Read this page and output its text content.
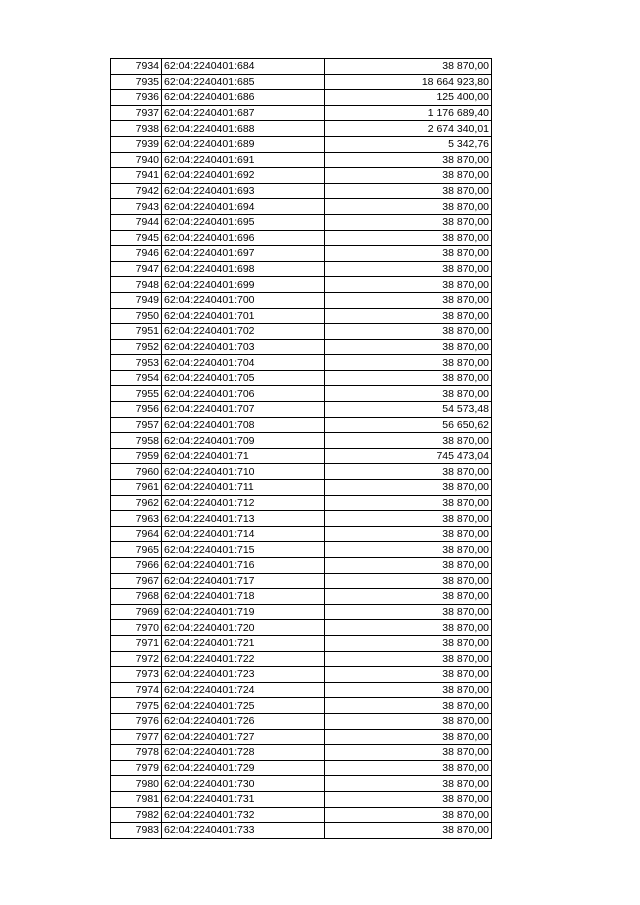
7934	62:04:2240401:684	38 870,00
7935	62:04:2240401:685	18 664 923,80
7936	62:04:2240401:686	125 400,00
7937	62:04:2240401:687	1 176 689,40
7938	62:04:2240401:688	2 674 340,01
7939	62:04:2240401:689	5 342,76
7940	62:04:2240401:691	38 870,00
7941	62:04:2240401:692	38 870,00
7942	62:04:2240401:693	38 870,00
7943	62:04:2240401:694	38 870,00
7944	62:04:2240401:695	38 870,00
7945	62:04:2240401:696	38 870,00
7946	62:04:2240401:697	38 870,00
7947	62:04:2240401:698	38 870,00
7948	62:04:2240401:699	38 870,00
7949	62:04:2240401:700	38 870,00
7950	62:04:2240401:701	38 870,00
7951	62:04:2240401:702	38 870,00
7952	62:04:2240401:703	38 870,00
7953	62:04:2240401:704	38 870,00
7954	62:04:2240401:705	38 870,00
7955	62:04:2240401:706	38 870,00
7956	62:04:2240401:707	54 573,48
7957	62:04:2240401:708	56 650,62
7958	62:04:2240401:709	38 870,00
7959	62:04:2240401:71	745 473,04
7960	62:04:2240401:710	38 870,00
7961	62:04:2240401:711	38 870,00
7962	62:04:2240401:712	38 870,00
7963	62:04:2240401:713	38 870,00
7964	62:04:2240401:714	38 870,00
7965	62:04:2240401:715	38 870,00
7966	62:04:2240401:716	38 870,00
7967	62:04:2240401:717	38 870,00
7968	62:04:2240401:718	38 870,00
7969	62:04:2240401:719	38 870,00
7970	62:04:2240401:720	38 870,00
7971	62:04:2240401:721	38 870,00
7972	62:04:2240401:722	38 870,00
7973	62:04:2240401:723	38 870,00
7974	62:04:2240401:724	38 870,00
7975	62:04:2240401:725	38 870,00
7976	62:04:2240401:726	38 870,00
7977	62:04:2240401:727	38 870,00
7978	62:04:2240401:728	38 870,00
7979	62:04:2240401:729	38 870,00
7980	62:04:2240401:730	38 870,00
7981	62:04:2240401:731	38 870,00
7982	62:04:2240401:732	38 870,00
7983	62:04:2240401:733	38 870,00
